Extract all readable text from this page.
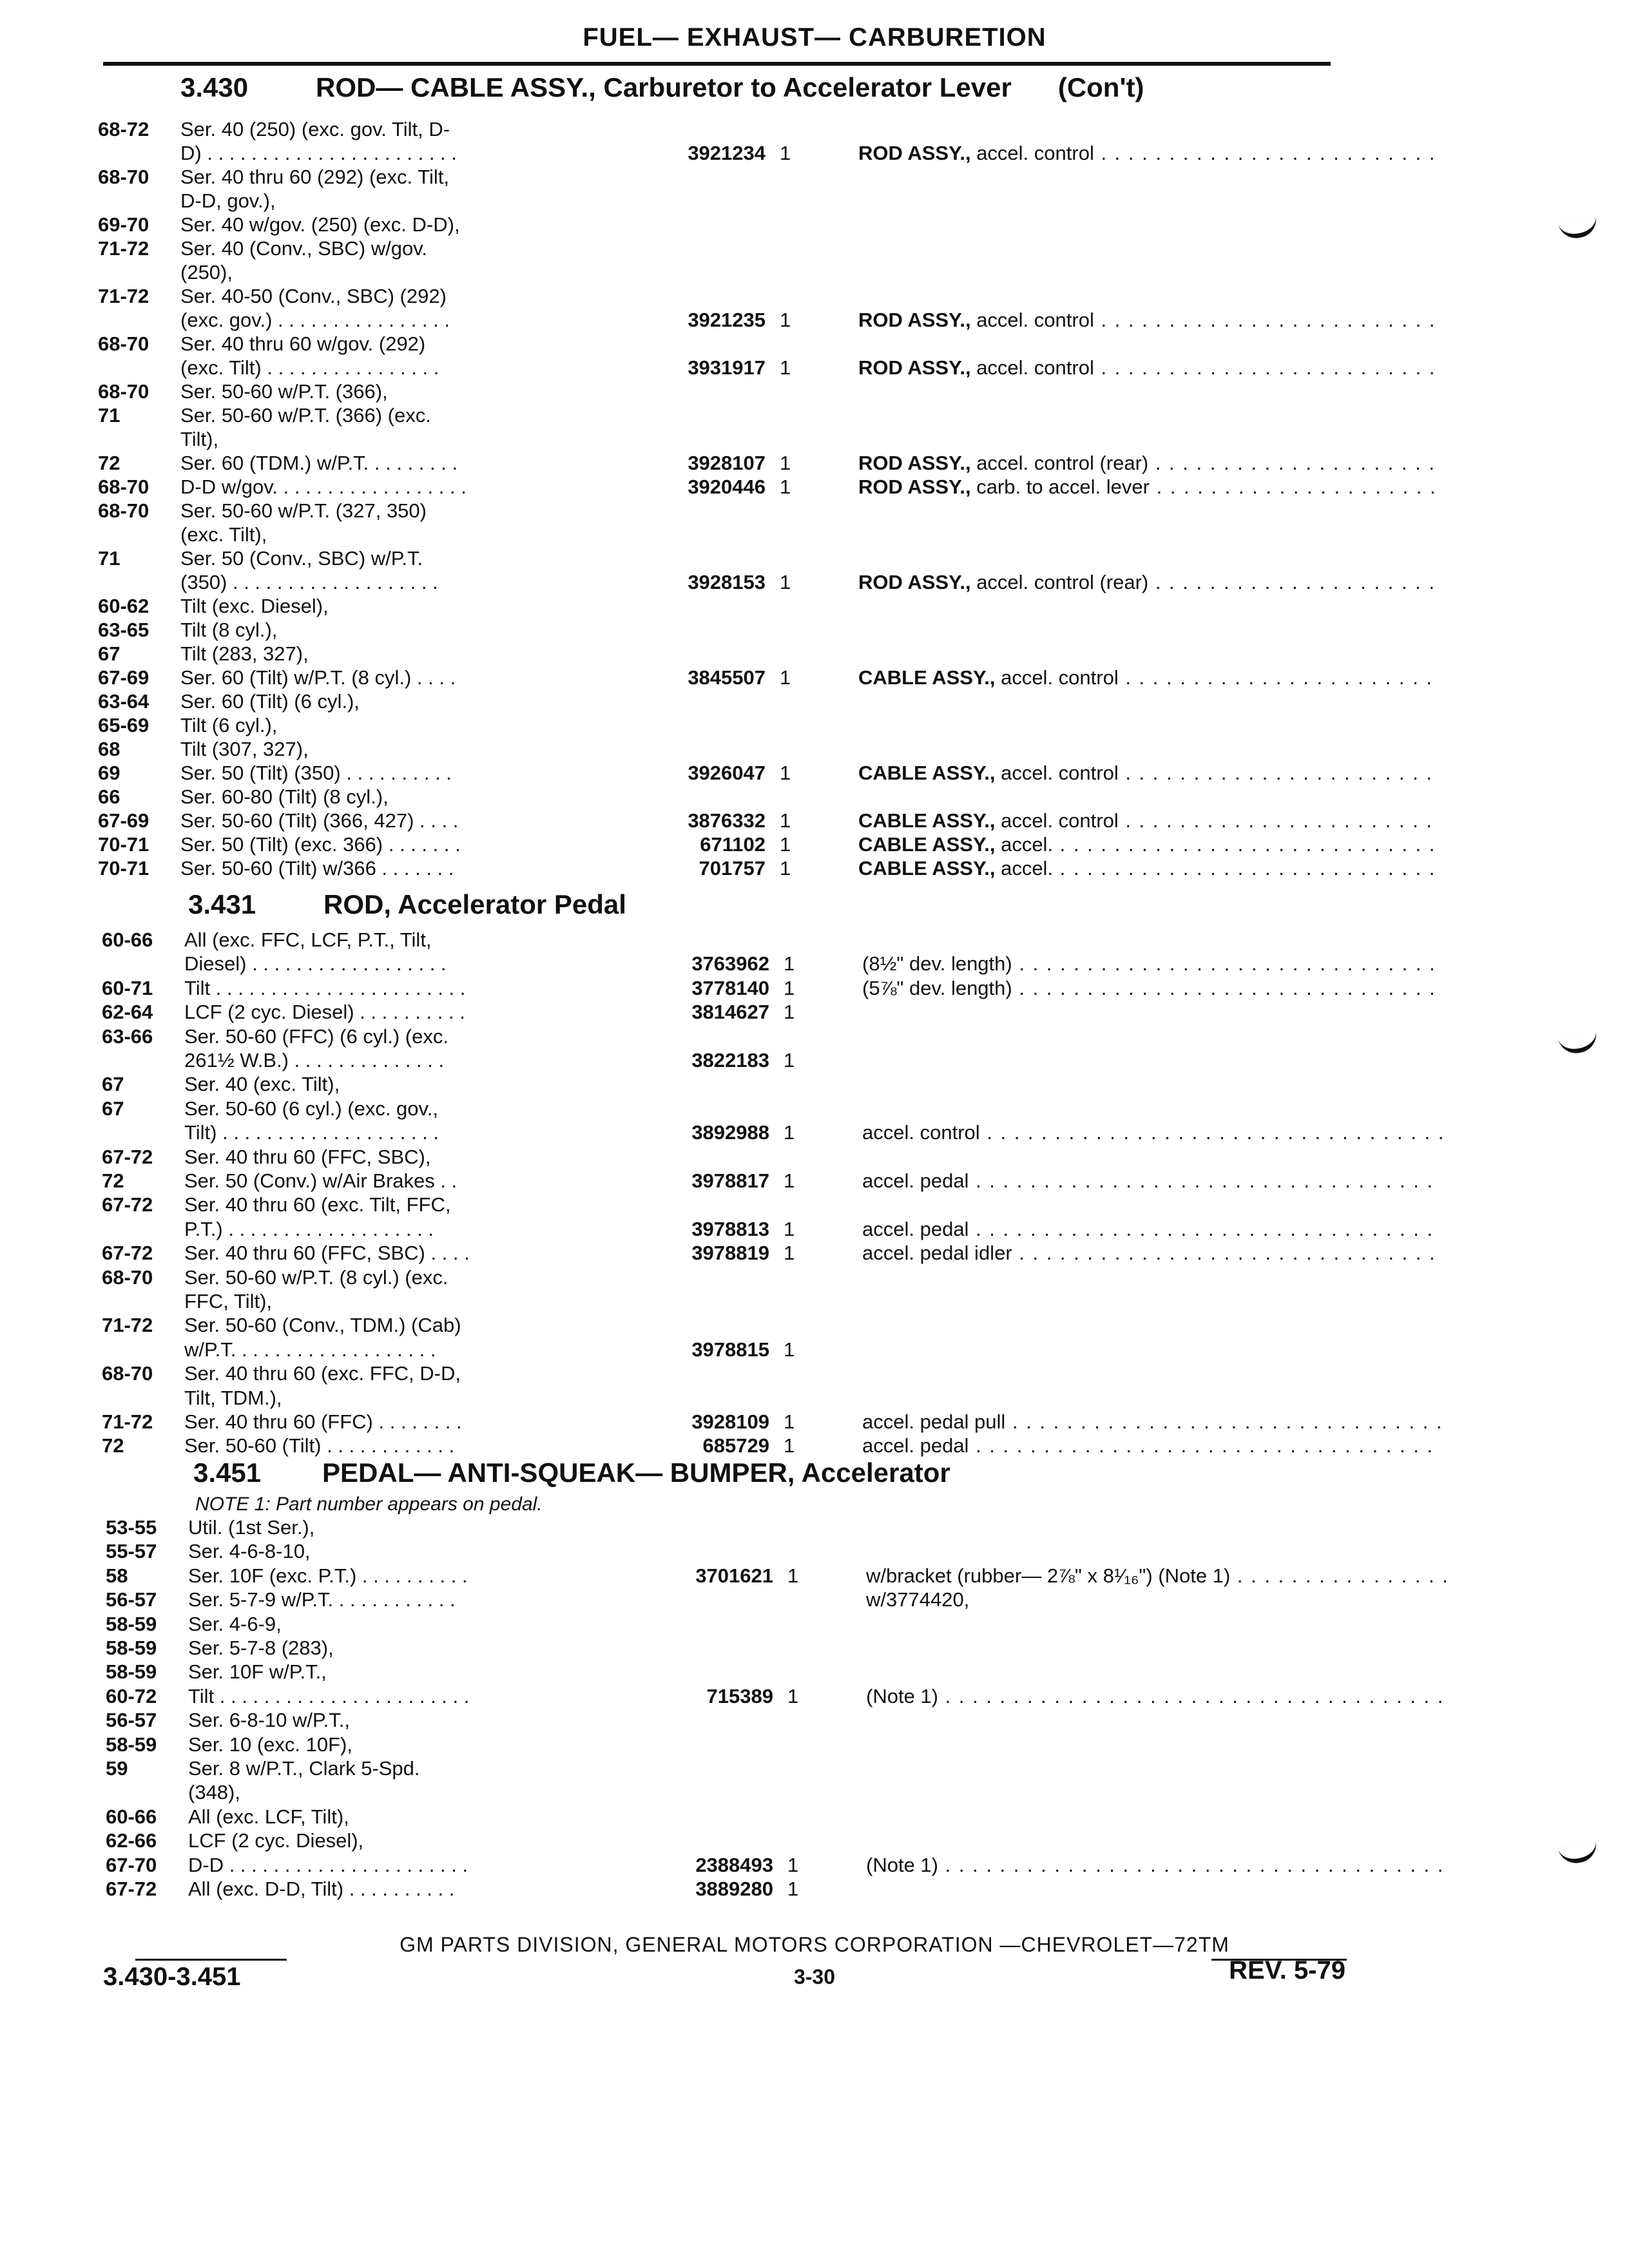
FUEL— EXHAUST— CARBURETION
3.430 ROD— CABLE ASSY., Carburetor to Accelerator Lever (Con't)
68-72	Ser. 40 (250) (exc. gov. Tilt, D-
D) . . . . . . . . . . . . . . . . . . . . . . .	3921234 1	ROD ASSY., accel. control . . .
68-70	Ser. 40 thru 60 (292) (exc. Tilt,
D-D, gov.),
69-70	Ser. 40 w/gov. (250) (exc. D-D),
71-72	Ser. 40 (Conv., SBC) w/gov.
(250),
71-72	Ser. 40-50 (Conv., SBC) (292)
(exc. gov.) . . . . . . . . . . . . . . . .	3921235 1	ROD ASSY., accel. control . . .
68-70	Ser. 40 thru 60 w/gov. (292)
(exc. Tilt) . . . . . . . . . . . . . . . .	3931917 1	ROD ASSY., accel. control . . .
68-70	Ser. 50-60 w/P.T. (366),
71	Ser. 50-60 w/P.T. (366) (exc.
Tilt),
72	Ser. 60 (TDM.) w/P.T. . . . . . . . .	3928107 1	ROD ASSY., accel. control (rear) . . .
68-70	D-D w/gov. . . . . . . . . . . . . . . . . .	3920446 1	ROD ASSY., carb. to accel. lever . . .
68-70	Ser. 50-60 w/P.T. (327, 350)
(exc. Tilt),
71	Ser. 50 (Conv., SBC) w/P.T.
(350) . . . . . . . . . . . . . . . . . . .	3928153 1	ROD ASSY., accel. control (rear) . . .
60-62	Tilt (exc. Diesel),
63-65	Tilt (8 cyl.),
67	Tilt (283, 327),
67-69	Ser. 60 (Tilt) w/P.T. (8 cyl.) . . . .	3845507 1	CABLE ASSY., accel. control . . .
63-64	Ser. 60 (Tilt) (6 cyl.),
65-69	Tilt (6 cyl.),
68	Tilt (307, 327),
69	Ser. 50 (Tilt) (350) . . . . . . . . . .	3926047 1	CABLE ASSY., accel. control . . .
66	Ser. 60-80 (Tilt) (8 cyl.),
67-69	Ser. 50-60 (Tilt) (366, 427) . . . .	3876332 1	CABLE ASSY., accel. control . . .
70-71	Ser. 50 (Tilt) (exc. 366) . . . . . . .	671102 1	CABLE ASSY., accel. . . .
70-71	Ser. 50-60 (Tilt) w/366 . . . . . . .	701757 1	CABLE ASSY., accel. . . .
3.431 ROD, Accelerator Pedal
60-66	All (exc. FFC, LCF, P.T., Tilt,
Diesel) . . . . . . . . . . . . . . . . . .	3763962 1	(8½" dev. length) . . .
60-71	Tilt . . . . . . . . . . . . . . . . . . . . . . .	3778140 1	(5⅞" dev. length) . . .
62-64	LCF (2 cyc. Diesel) . . . . . . . . . .	3814627 1
63-66	Ser. 50-60 (FFC) (6 cyl.) (exc.
261½ W.B.) . . . . . . . . . . . . . .	3822183 1
67	Ser. 40 (exc. Tilt),
67	Ser. 50-60 (6 cyl.) (exc. gov.,
Tilt) . . . . . . . . . . . . . . . . . . . .	3892988 1	accel. control . . .
67-72	Ser. 40 thru 60 (FFC, SBC),
72	Ser. 50 (Conv.) w/Air Brakes . .	3978817 1	accel. pedal . . .
67-72	Ser. 40 thru 60 (exc. Tilt, FFC,
P.T.) . . . . . . . . . . . . . . . . . . .	3978813 1	accel. pedal . . .
67-72	Ser. 40 thru 60 (FFC, SBC) . . . .	3978819 1	accel. pedal idler . . .
68-70	Ser. 50-60 w/P.T. (8 cyl.) (exc.
FFC, Tilt),
71-72	Ser. 50-60 (Conv., TDM.) (Cab)
w/P.T. . . . . . . . . . . . . . . . . . .	3978815 1
68-70	Ser. 40 thru 60 (exc. FFC, D-D,
Tilt, TDM.),
71-72	Ser. 40 thru 60 (FFC) . . . . . . . .	3928109 1	accel. pedal pull . . .
72	Ser. 50-60 (Tilt) . . . . . . . . . . . .	685729 1	accel. pedal . . .
3.451 PEDAL— ANTI-SQUEAK— BUMPER, Accelerator
NOTE 1: Part number appears on pedal.
53-55	Util. (1st Ser.),
55-57	Ser. 4-6-8-10,
58	Ser. 10F (exc. P.T.) . . . . . . . . . .	3701621 1	w/bracket (rubber— 2⅞" x 8¹⁄₁₆") (Note 1) . . .
56-57	Ser. 5-7-9 w/P.T. . . . . . . . . . . .	w/3774420,
58-59	Ser. 4-6-9,
58-59	Ser. 5-7-8 (283),
58-59	Ser. 10F w/P.T.,
60-72	Tilt . . . . . . . . . . . . . . . . . . . . . . .	715389 1	(Note 1) . . .
56-57	Ser. 6-8-10 w/P.T.,
58-59	Ser. 10 (exc. 10F),
59	Ser. 8 w/P.T., Clark 5-Spd.
(348),
60-66	All (exc. LCF, Tilt),
62-66	LCF (2 cyc. Diesel),
67-70	D-D . . . . . . . . . . . . . . . . . . . . . .	2388493 1	(Note 1) . . .
67-72	All (exc. D-D, Tilt) . . . . . . . . . .	3889280 1
GM PARTS DIVISION, GENERAL MOTORS CORPORATION —CHEVROLET—72TM
3.430-3.451	3-30	REV. 5-79
